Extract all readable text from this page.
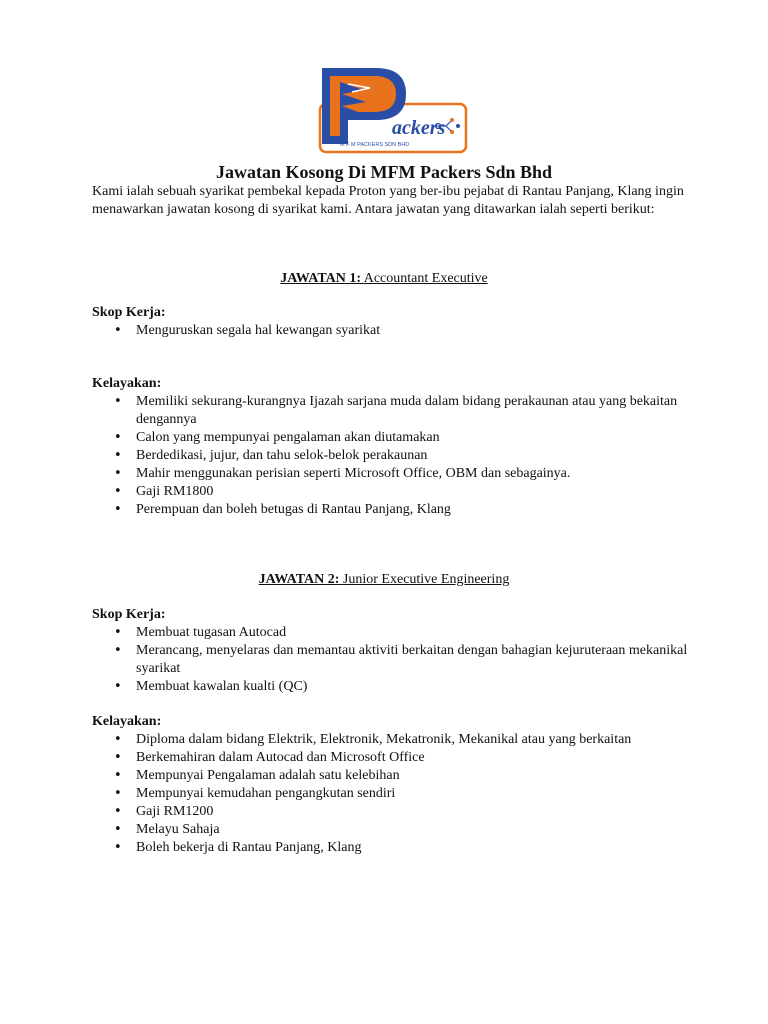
ackers
M F M PACKERS SDN BHD
Jawatan Kosong Di MFM Packers Sdn Bhd
Kami ialah sebuah syarikat pembekal kepada Proton yang ber-ibu pejabat di Rantau Panjang, Klang ingin menawarkan jawatan kosong di syarikat kami. Antara jawatan yang ditawarkan ialah seperti berikut:
JAWATAN 1: Accountant Executive
Skop Kerja:
• Menguruskan segala hal kewangan syarikat
Kelayakan:
• Memiliki sekurang-kurangnya Ijazah sarjana muda dalam bidang perakaunan atau yang bekaitan dengannya
• Calon yang mempunyai pengalaman akan diutamakan
• Berdedikasi, jujur, dan tahu selok-belok perakaunan
• Mahir menggunakan perisian seperti Microsoft Office, OBM dan sebagainya.
• Gaji RM1800
• Perempuan dan boleh betugas di Rantau Panjang, Klang
JAWATAN 2: Junior Executive Engineering
Skop Kerja:
• Membuat tugasan Autocad
• Merancang, menyelaras dan memantau aktiviti berkaitan dengan bahagian kejuruteraan mekanikal syarikat
• Membuat kawalan kualti (QC)
Kelayakan:
• Diploma dalam bidang Elektrik, Elektronik, Mekatronik, Mekanikal atau yang berkaitan
• Berkemahiran dalam Autocad dan Microsoft Office
• Mempunyai Pengalaman adalah satu kelebihan
• Mempunyai kemudahan pengangkutan sendiri
• Gaji RM1200
• Melayu Sahaja
• Boleh bekerja di Rantau Panjang, Klang
